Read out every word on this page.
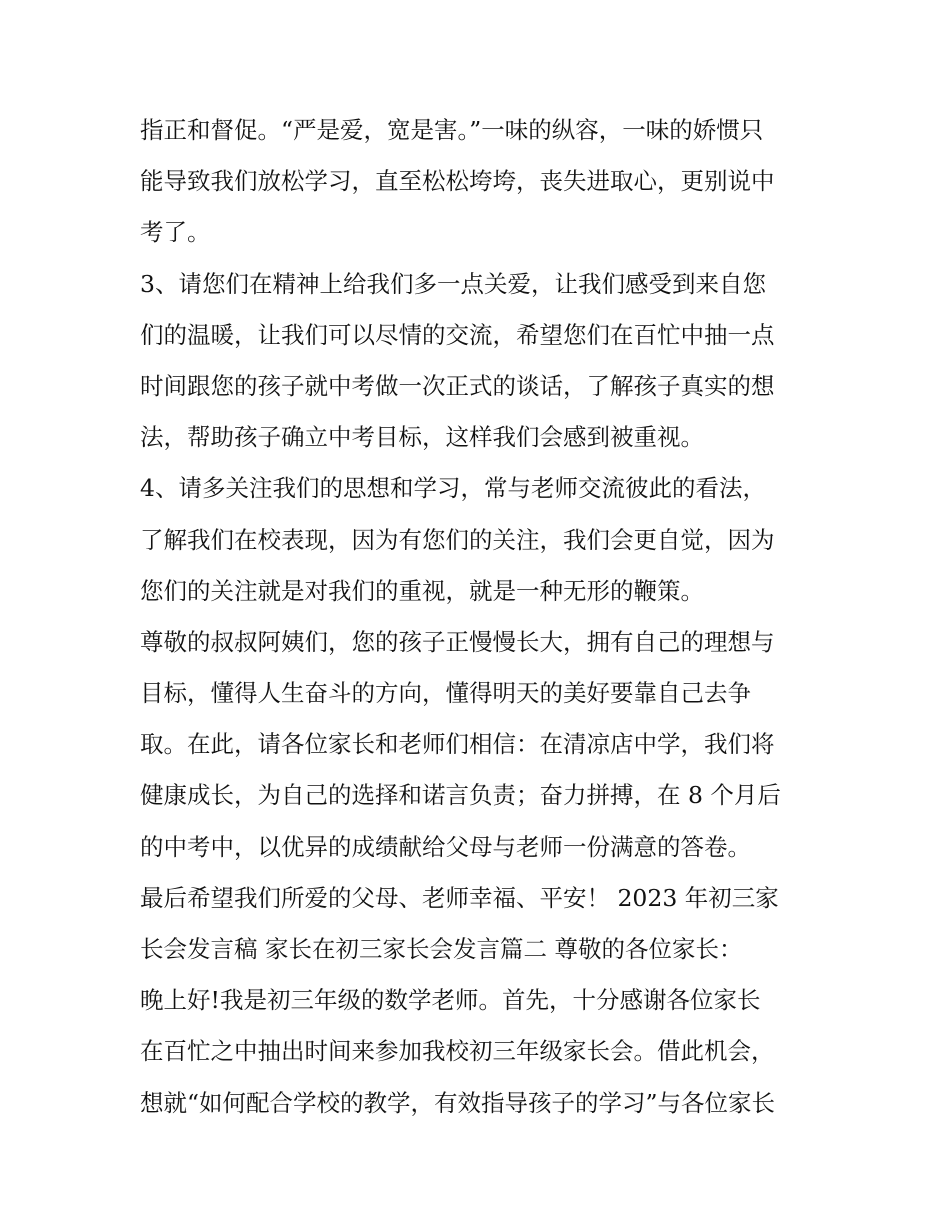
指正和督促。“严是爱，宽是害。”一味的纵容，一味的娇惯只
能导致我们放松学习，直至松松垮垮，丧失进取心，更别说中
考了。
3、请您们在精神上给我们多一点关爱，让我们感受到来自您
们的温暖，让我们可以尽情的交流，希望您们在百忙中抽一点
时间跟您的孩子就中考做一次正式的谈话，了解孩子真实的想
法，帮助孩子确立中考目标，这样我们会感到被重视。
4、请多关注我们的思想和学习，常与老师交流彼此的看法，
了解我们在校表现，因为有您们的关注，我们会更自觉，因为
您们的关注就是对我们的重视，就是一种无形的鞭策。
尊敬的叔叔阿姨们，您的孩子正慢慢长大，拥有自己的理想与
目标，懂得人生奋斗的方向，懂得明天的美好要靠自己去争
取。在此，请各位家长和老师们相信：在清凉店中学，我们将
健康成长，为自己的选择和诺言负责；奋力拼搏，在 8 个月后
的中考中，以优异的成绩献给父母与老师一份满意的答卷。
最后希望我们所爱的父母、老师幸福、平安！ 2023 年初三家
长会发言稿 家长在初三家长会发言篇二 尊敬的各位家长：
晚上好!我是初三年级的数学老师。首先，十分感谢各位家长
在百忙之中抽出时间来参加我校初三年级家长会。借此机会，
想就“如何配合学校的教学，有效指导孩子的学习”与各位家长
